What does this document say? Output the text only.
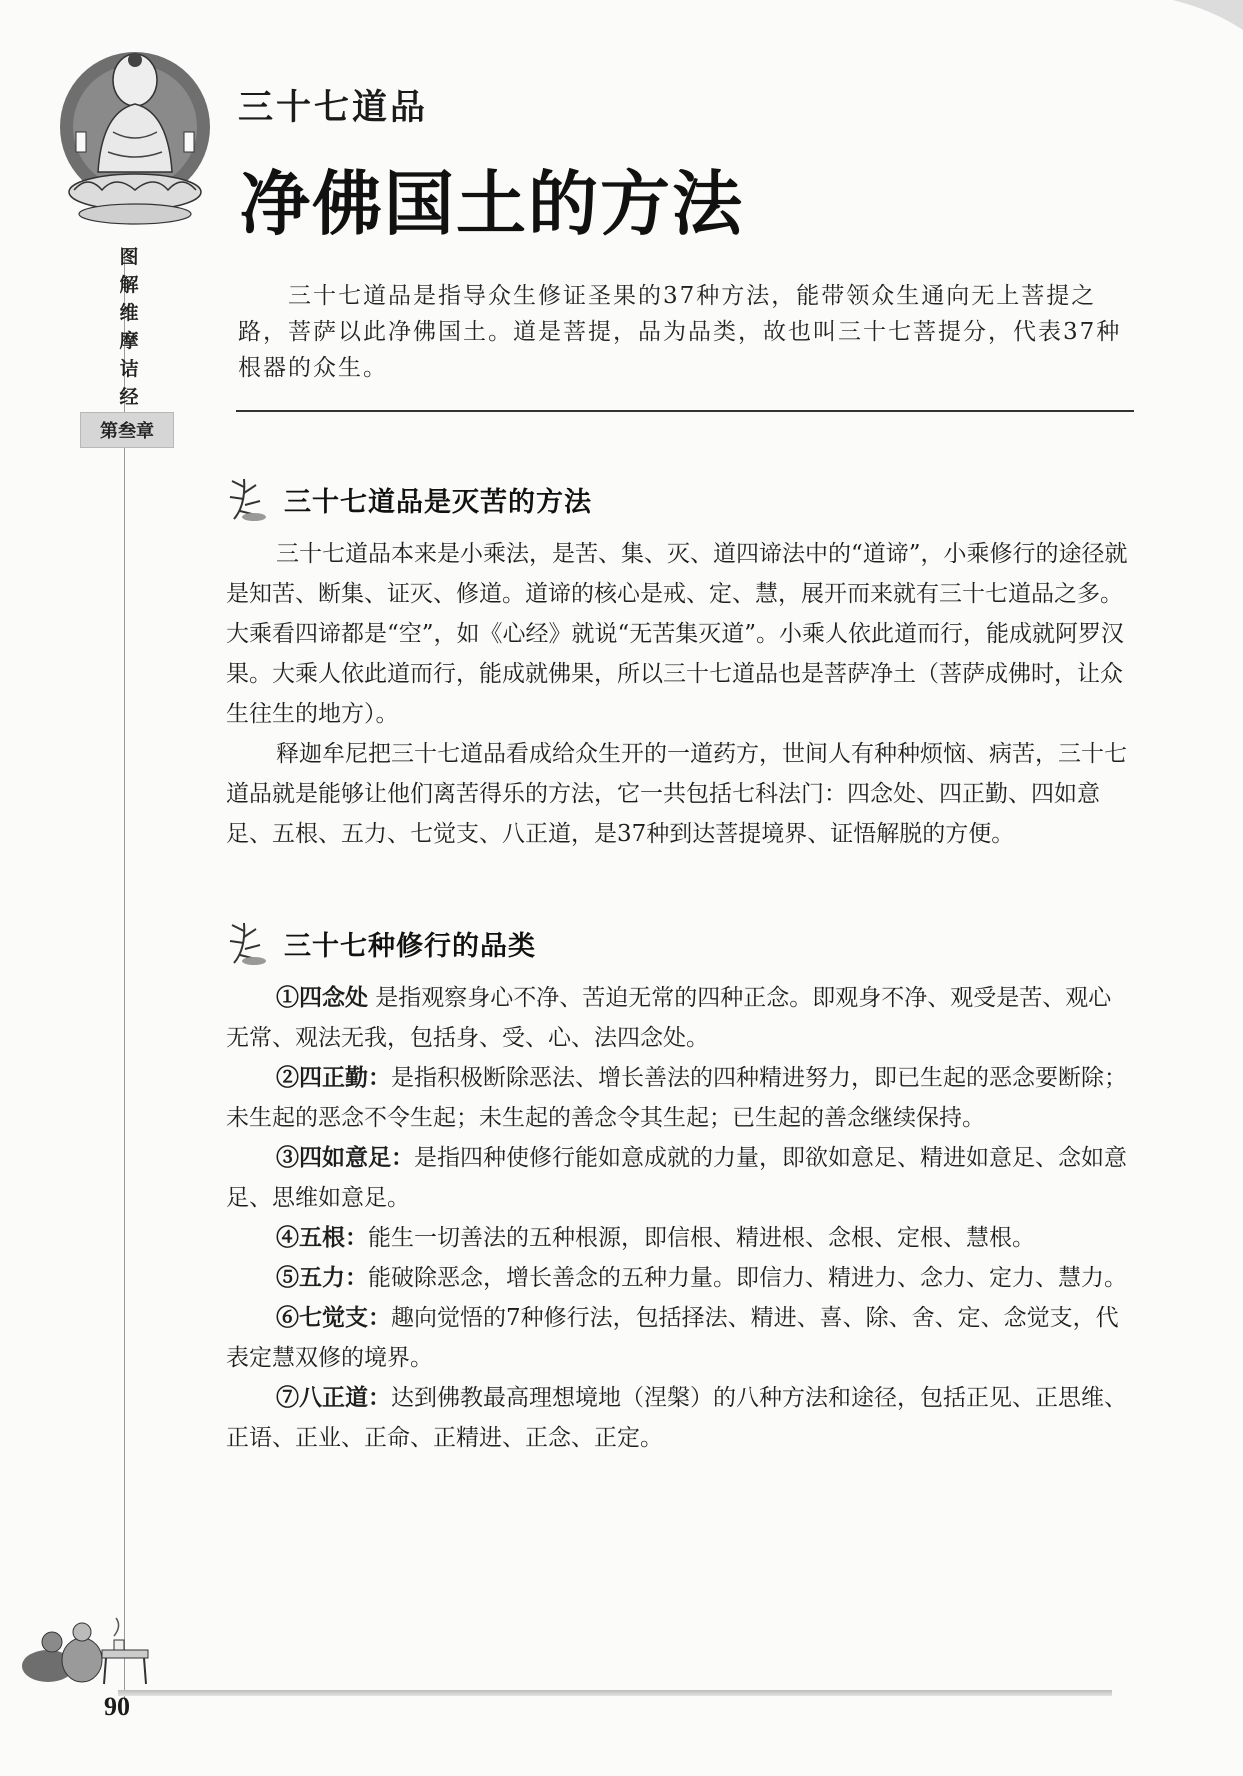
图
解
维
摩
诘
经
第叁章
三十七道品
净佛国土的方法

三十七道品是指导众生修证圣果的37种方法，能带领众生通向无上菩提之路，菩萨以此净佛国土。道是菩提，品为品类，故也叫三十七菩提分，代表37种根器的众生。

三十七道品是灭苦的方法

三十七道品本来是小乘法，是苦、集、灭、道四谛法中的“道谛”，小乘修行的途径就是知苦、断集、证灭、修道。道谛的核心是戒、定、慧，展开而来就有三十七道品之多。大乘看四谛都是“空”，如《心经》就说“无苦集灭道”。小乘人依此道而行，能成就阿罗汉果。大乘人依此道而行，能成就佛果，所以三十七道品也是菩萨净土（菩萨成佛时，让众生往生的地方）。

释迦牟尼把三十七道品看成给众生开的一道药方，世间人有种种烦恼、病苦，三十七道品就是能够让他们离苦得乐的方法，它一共包括七科法门：四念处、四正勤、四如意足、五根、五力、七觉支、八正道，是37种到达菩提境界、证悟解脱的方便。

三十七种修行的品类

①四念处 是指观察身心不净、苦迫无常的四种正念。即观身不净、观受是苦、观心无常、观法无我，包括身、受、心、法四念处。

②四正勤：是指积极断除恶法、增长善法的四种精进努力，即已生起的恶念要断除；未生起的恶念不令生起；未生起的善念令其生起；已生起的善念继续保持。

③四如意足：是指四种使修行能如意成就的力量，即欲如意足、精进如意足、念如意足、思维如意足。

④五根：能生一切善法的五种根源，即信根、精进根、念根、定根、慧根。

⑤五力：能破除恶念，增长善念的五种力量。即信力、精进力、念力、定力、慧力。

⑥七觉支：趣向觉悟的7种修行法，包括择法、精进、喜、除、舍、定、念觉支，代表定慧双修的境界。

⑦八正道：达到佛教最高理想境地（涅槃）的八种方法和途径，包括正见、正思维、正语、正业、正命、正精进、正念、正定。

90
